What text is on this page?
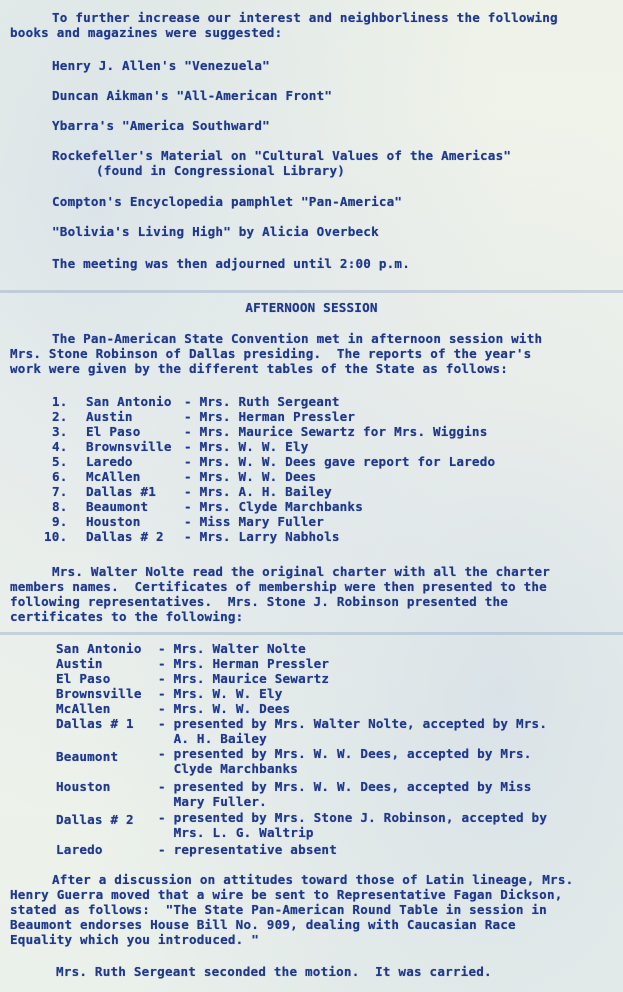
To further increase our interest and neighborliness the following
books and magazines were suggested:
Henry J. Allen's "Venezuela"
Duncan Aikman's "All-American Front"
Ybarra's "America Southward"
Rockefeller's Material on "Cultural Values of the Americas"
(found in Congressional Library)
Compton's Encyclopedia pamphlet "Pan-America"
"Bolivia's Living High" by Alicia Overbeck
The meeting was then adjourned until 2:00 p.m.
AFTERNOON SESSION
The Pan-American State Convention met in afternoon session with
Mrs. Stone Robinson of Dallas presiding.  The reports of the year's
work were given by the different tables of the State as follows:
1. San Antonio - Mrs. Ruth Sergeant
2. Austin	- Mrs. Herman Pressler
3. El Paso	- Mrs. Maurice Sewartz for Mrs. Wiggins
4. Brownsville - Mrs. W. W. Ely
5. Laredo	- Mrs. W. W. Dees gave report for Laredo
6. McAllen	- Mrs. W. W. Dees
7. Dallas #1 - Mrs. A. H. Bailey
8. Beaumont	- Mrs. Clyde Marchbanks
9. Houston	- Miss Mary Fuller
10. Dallas # 2 - Mrs. Larry Nabhols
Mrs. Walter Nolte read the original charter with all the charter
members names.  Certificates of membership were then presented to the
following representatives.  Mrs. Stone J. Robinson presented the
certificates to the following:
San Antonio - Mrs. Walter Nolte
Austin	- Mrs. Herman Pressler
El Paso	- Mrs. Maurice Sewartz
Brownsville - Mrs. W. W. Ely
McAllen	- Mrs. W. W. Dees
Dallas # 1 - presented by Mrs. Walter Nolte, accepted by Mrs.
A. H. Bailey
Beaumont	- presented by Mrs. W. W. Dees, accepted by Mrs.
Clyde Marchbanks
Houston	- presented by Mrs. W. W. Dees, accepted by Miss
Mary Fuller.
Dallas # 2 - presented by Mrs. Stone J. Robinson, accepted by
Mrs. L. G. Waltrip
Laredo	- representative absent
After a discussion on attitudes toward those of Latin lineage, Mrs.
Henry Guerra moved that a wire be sent to Representative Fagan Dickson,
stated as follows:  "The State Pan-American Round Table in session in
Beaumont endorses House Bill No. 909, dealing with Caucasian Race
Equality which you introduced. "
Mrs. Ruth Sergeant seconded the motion.  It was carried.
